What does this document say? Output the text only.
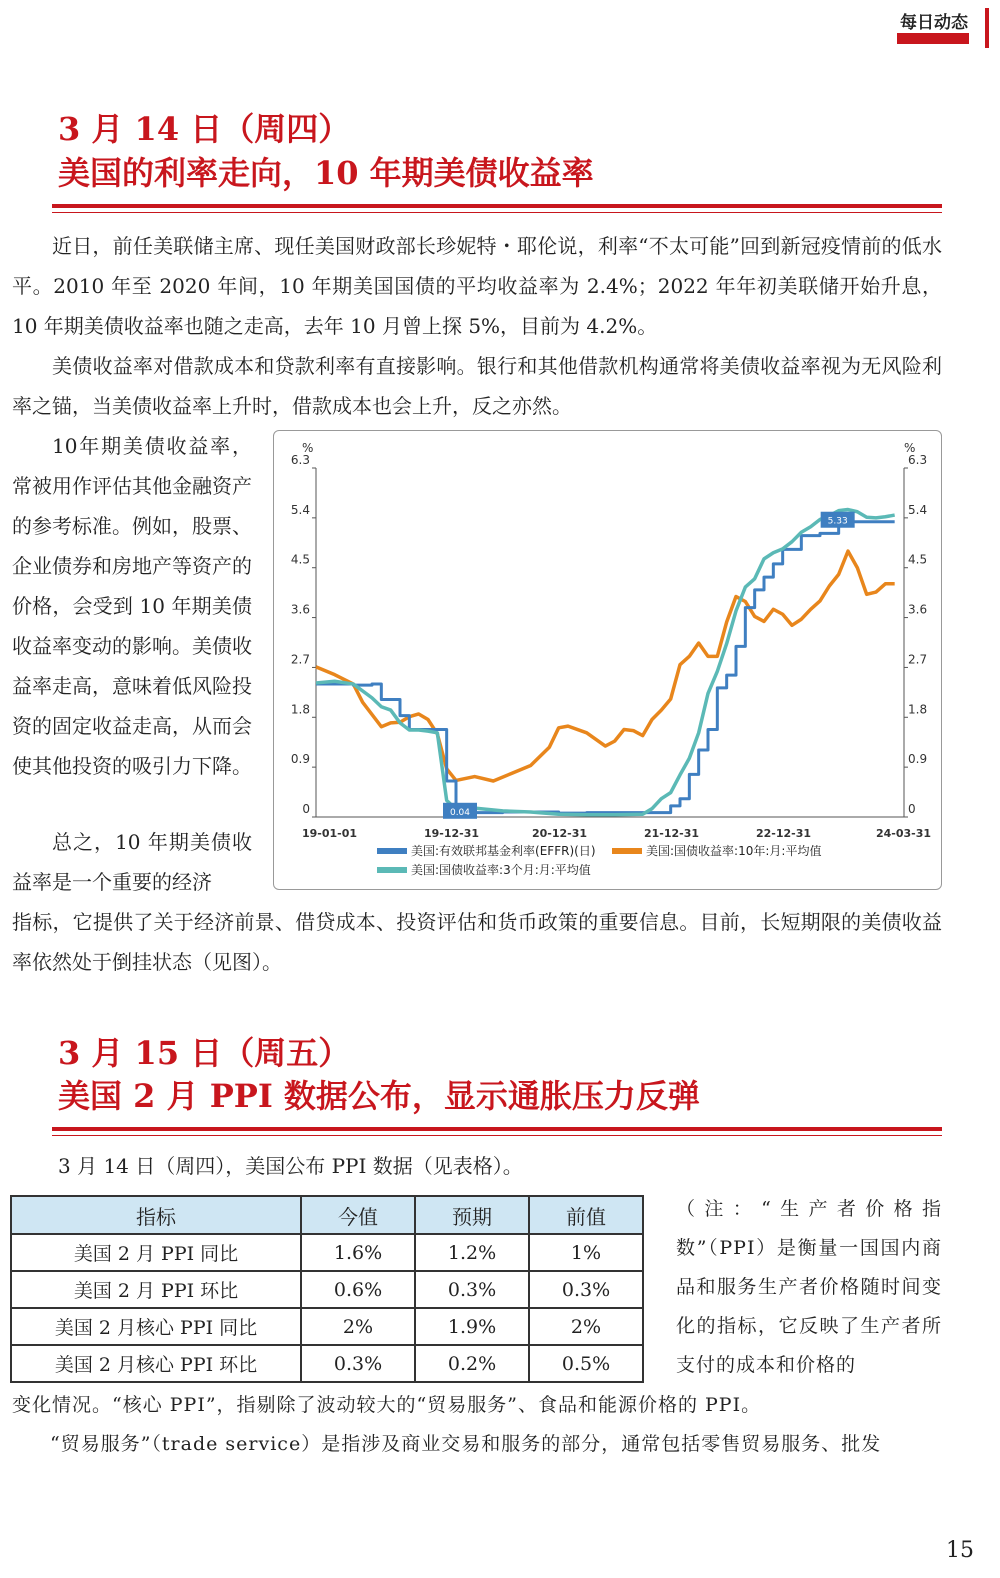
每日动态
3 月 14 日（周四）
美国的利率走向，10 年期美债收益率
近日，前任美联储主席、现任美国财政部长珍妮特・耶伦说，利率“不太可能”回到新冠疫情前的低水平。2010 年至 2020 年间，10 年期美国国债的平均收益率为 2.4%；2022 年年初美联储开始升息，10 年期美债收益率也随之走高，去年 10 月曾上探 5%，目前为 4.2%。
美债收益率对借款成本和贷款利率有直接影响。银行和其他借款机构通常将美债收益率视为无风险利率之锚，当美债收益率上升时，借款成本也会上升，反之亦然。
10年期美债收益率，常被用作评估其他金融资产的参考标准。例如，股票、企业债券和房地产等资产的价格，会受到 10 年期美债收益率变动的影响。美债收益率走高，意味着低风险投资的固定收益走高，从而会使其他投资的吸引力下降。
总之，10 年期美债收益率是一个重要的经济
指标，它提供了关于经济前景、借贷成本、投资评估和货币政策的重要信息。目前，长短期限的美债收益率依然处于倒挂状态（见图）。
6.3	6.3
5.4	5.4
4.5	4.5
3.6	3.6
2.7	2.7
1.8	1.8
0.9	0.9
0	0
%	%
19-01-01	19-12-31	20-12-31	21-12-31	22-12-31	24-03-31
5.33
0.04
美国:有效联邦基金利率(EFFR)(日)	美国:国债收益率:10年:月:平均值
美国:国债收益率:3个月:月:平均值
3 月 15 日（周五）
美国 2 月 PPI 数据公布，显示通胀压力反弹
3 月 14 日（周四），美国公布 PPI 数据（见表格）。
指标	今值	预期	前值
美国 2 月 PPI 同比	1.6%	1.2%	1%
美国 2 月 PPI 环比	0.6%	0.3%	0.3%
美国 2 月核心 PPI 同比	2%	1.9%	2%
美国 2 月核心 PPI 环比	0.3%	0.2%	0.5%
（注：“生产者价格指数”（PPI）是衡量一国国内商品和服务生产者价格随时间变化的指标，它反映了生产者所支付的成本和价格的
变化情况。“核心 PPI”，指剔除了波动较大的“贸易服务”、食品和能源价格的 PPI。
“贸易服务”（trade service）是指涉及商业交易和服务的部分，通常包括零售贸易服务、批发
15
